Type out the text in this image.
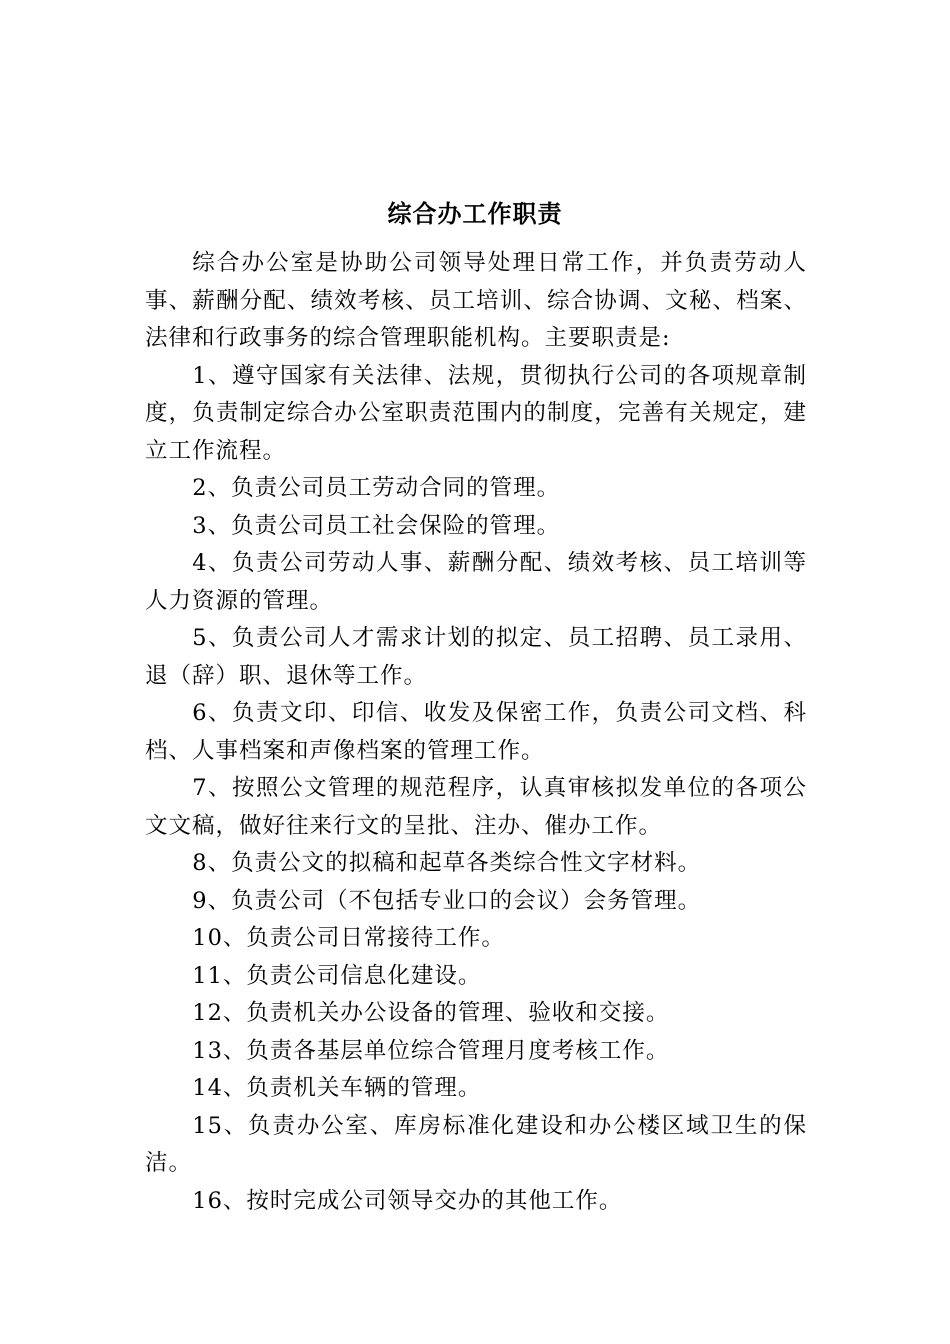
综合办工作职责

综合办公室是协助公司领导处理日常工作，并负责劳动人事、薪酬分配、绩效考核、员工培训、综合协调、文秘、档案、法律和行政事务的综合管理职能机构。主要职责是:

1、遵守国家有关法律、法规，贯彻执行公司的各项规章制度，负责制定综合办公室职责范围内的制度，完善有关规定，建立工作流程。

2、负责公司员工劳动合同的管理。

3、负责公司员工社会保险的管理。

4、负责公司劳动人事、薪酬分配、绩效考核、员工培训等人力资源的管理。

5、负责公司人才需求计划的拟定、员工招聘、员工录用、退（辞）职、退休等工作。

6、负责文印、印信、收发及保密工作，负责公司文档、科档、人事档案和声像档案的管理工作。

7、按照公文管理的规范程序，认真审核拟发单位的各项公文文稿，做好往来行文的呈批、注办、催办工作。

8、负责公文的拟稿和起草各类综合性文字材料。

9、负责公司（不包括专业口的会议）会务管理。

10、负责公司日常接待工作。

11、负责公司信息化建设。

12、负责机关办公设备的管理、验收和交接。

13、负责各基层单位综合管理月度考核工作。

14、负责机关车辆的管理。

15、负责办公室、库房标准化建设和办公楼区域卫生的保洁。

16、按时完成公司领导交办的其他工作。
